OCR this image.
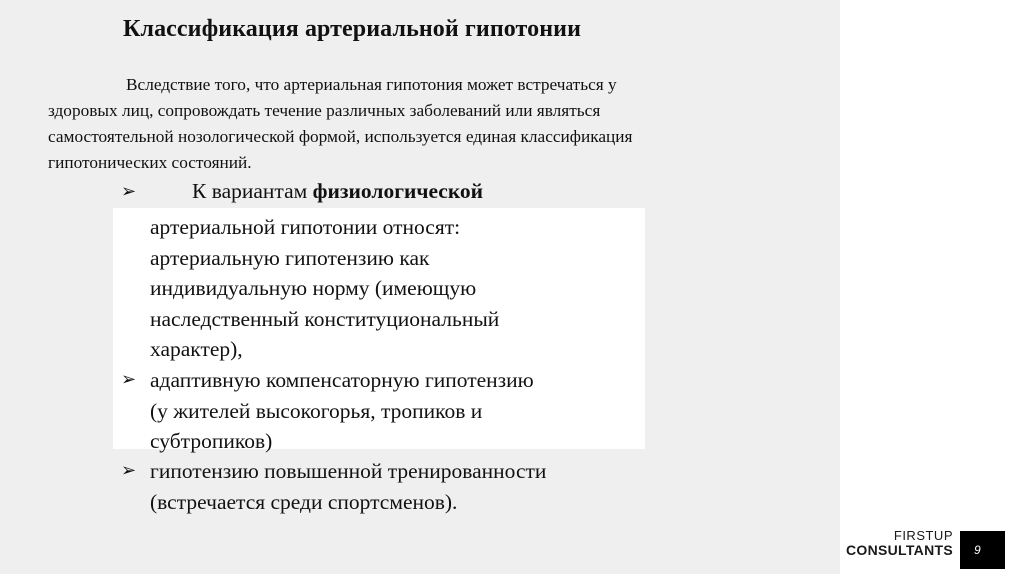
Классификация артериальной гипотонии

Вследствие того, что артериальная гипотония может встречаться у

здоровых лиц, сопровождать течение различных заболеваний или являться

самостоятельной нозологической формой, используется единая классификация

гипотонических состояний.

➢	К вариантам физиологической
артериальной гипотонии относят:
артериальную гипотензию как
индивидуальную норму (имеющую
наследственный конституциональный
характер),
➢ адаптивную компенсаторную гипотензию
(у жителей высокогорья, тропиков и
субтропиков)
➢ гипотензию повышенной тренированности
(встречается среди спортсменов).
FIRSTUP
CONSULTANTS 9
